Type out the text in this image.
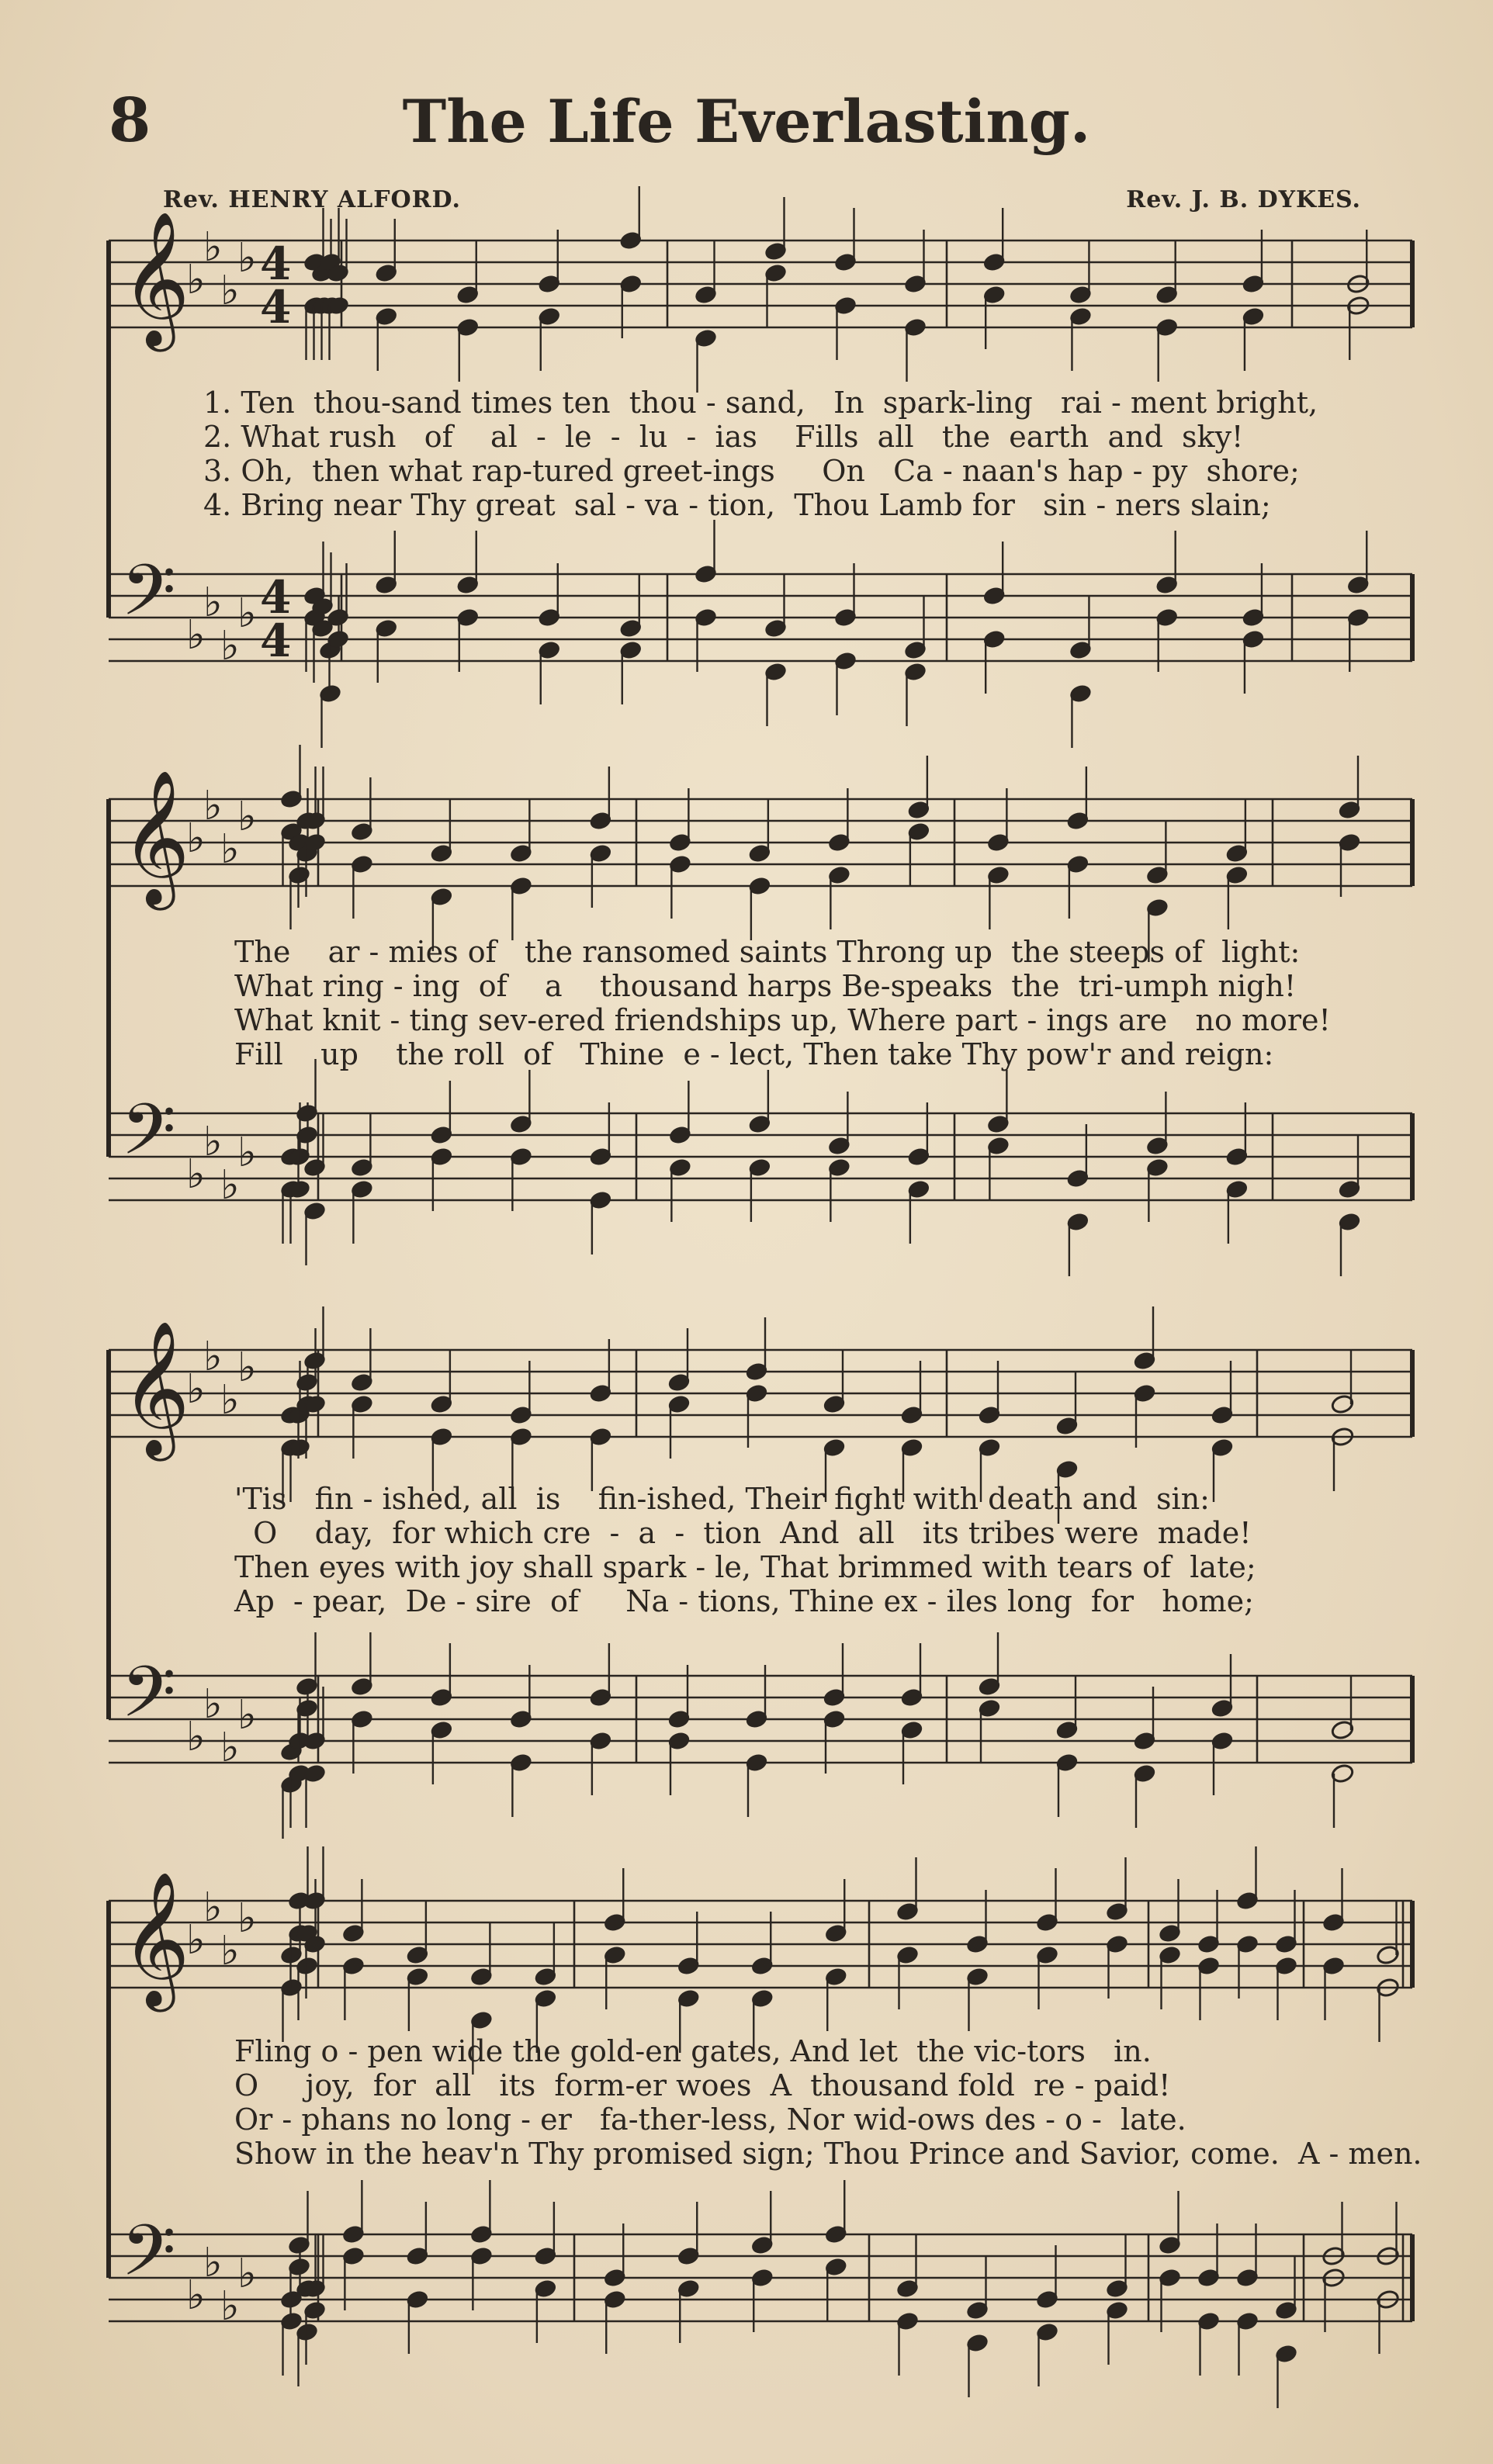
8	The Life Everlasting.
Rev. HENRY ALFORD.	Rev. J. B. DYKES.
𝄞
♭
♭
♭
♭ 4
4
𝄢 ♭
♭
♭
♭ 4
4
1. Ten  thou-sand times ten  thou - sand,   In  spark-ling   rai - ment bright,
2. What rush   of    al  -  le  -  lu  -  ias    Fills  all   the  earth  and  sky!
3. Oh,  then what rap-tured greet-ings     On   Ca - naan's hap - py  shore;
4. Bring near Thy great  sal - va - tion,  Thou Lamb for   sin - ners slain;
𝄞
♭
♭
♭
♭
𝄢 ♭
♭
♭
♭
The    ar - mies of   the ransomed saints Throng up  the steeps of  light:
What ring - ing  of    a    thousand harps Be-speaks  the  tri-umph nigh!
What knit - ting sev-ered friendships up, Where part - ings are   no more!
Fill    up    the roll  of   Thine  e - lect, Then take Thy pow'r and reign:
𝄞
♭
♭
♭
♭
𝄢 ♭
♭
♭
♭
'Tis   fin - ished, all  is    fin-ished, Their fight with death and  sin:
O    day,  for which cre  -  a  -  tion  And  all   its tribes were  made!
Then eyes with joy shall spark - le, That brimmed with tears of  late;
Ap  - pear,  De - sire  of     Na - tions, Thine ex - iles long  for   home;
𝄞
♭
♭
♭
♭
𝄢 ♭
♭
♭
♭
Fling o - pen wide the gold-en gates, And let  the vic-tors   in.
O     joy,  for  all   its  form-er woes  A  thousand fold  re - paid!
Or - phans no long - er   fa-ther-less, Nor wid-ows des - o -  late.
Show in the heav'n Thy promised sign; Thou Prince and Savior, come.  A - men.
